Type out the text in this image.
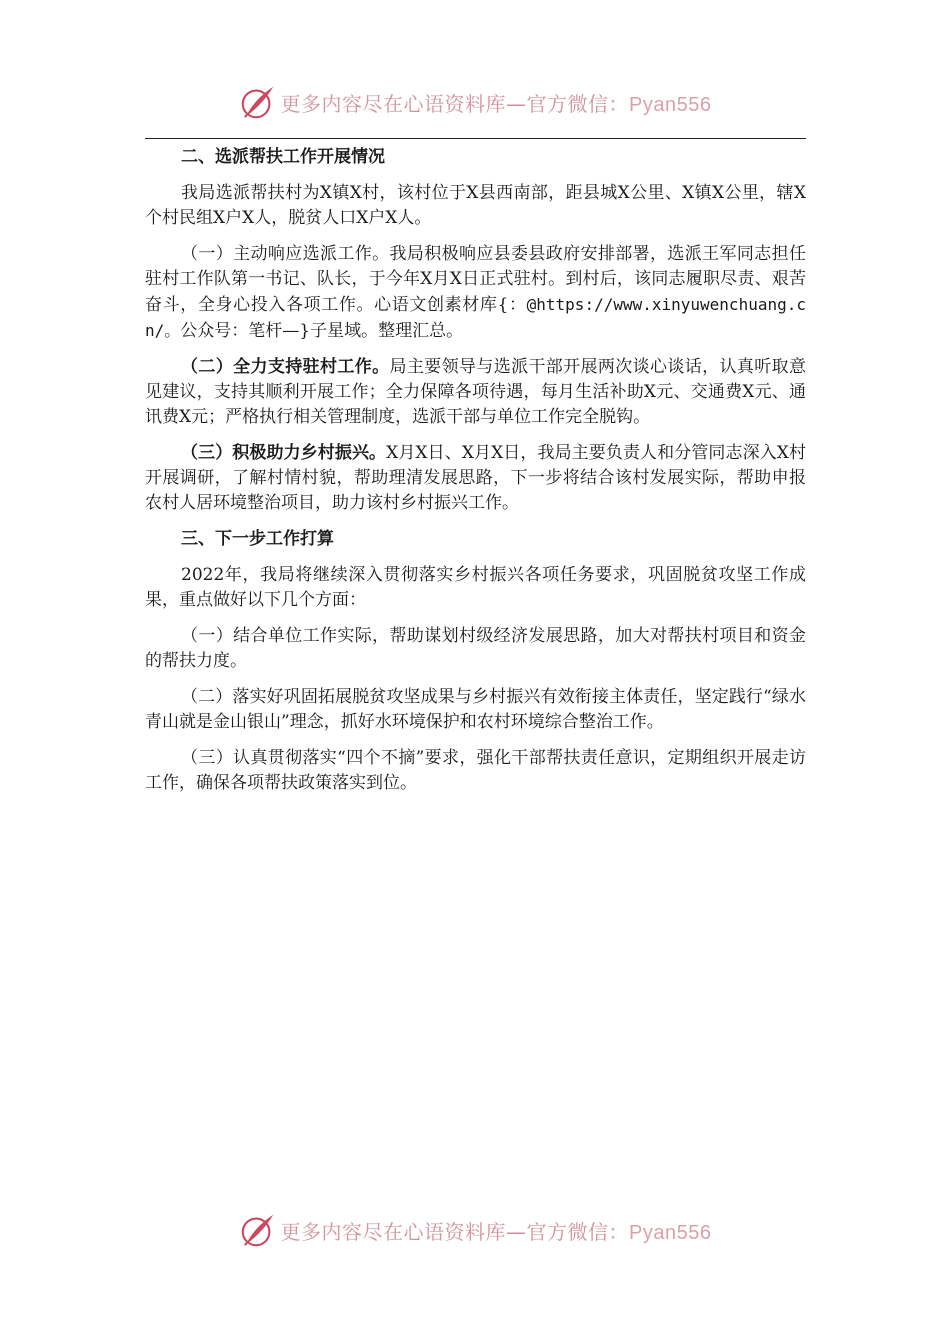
更多内容尽在心语资料库—官方微信：Pyan556

二、选派帮扶工作开展情况

我局选派帮扶村为X镇X村，该村位于X县西南部，距县城X公里、X镇X公里，辖X个村民组X户X人，脱贫人口X户X人。

（一）主动响应选派工作。我局积极响应县委县政府安排部署，选派王军同志担任驻村工作队第一书记、队长，于今年X月X日正式驻村。到村后，该同志履职尽责、艰苦奋斗，全身心投入各项工作。心语文创素材库{：@https://www.xinyuwenchuang.cn/。公众号：笔杆—}子星域。整理汇总。

（二）全力支持驻村工作。局主要领导与选派干部开展两次谈心谈话，认真听取意见建议，支持其顺利开展工作；全力保障各项待遇，每月生活补助X元、交通费X元、通讯费X元；严格执行相关管理制度，选派干部与单位工作完全脱钩。

（三）积极助力乡村振兴。X月X日、X月X日，我局主要负责人和分管同志深入X村开展调研，了解村情村貌，帮助理清发展思路，下一步将结合该村发展实际，帮助申报农村人居环境整治项目，助力该村乡村振兴工作。

三、下一步工作打算

2022年，我局将继续深入贯彻落实乡村振兴各项任务要求，巩固脱贫攻坚工作成果，重点做好以下几个方面：

（一）结合单位工作实际，帮助谋划村级经济发展思路，加大对帮扶村项目和资金的帮扶力度。

（二）落实好巩固拓展脱贫攻坚成果与乡村振兴有效衔接主体责任，坚定践行“绿水青山就是金山银山”理念，抓好水环境保护和农村环境综合整治工作。

（三）认真贯彻落实“四个不摘”要求，强化干部帮扶责任意识，定期组织开展走访工作，确保各项帮扶政策落实到位。

更多内容尽在心语资料库—官方微信：Pyan556
